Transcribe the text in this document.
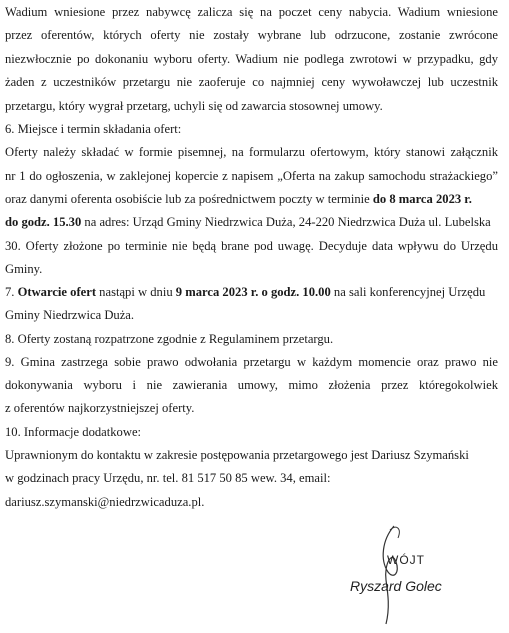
Wadium wniesione przez nabywcę zalicza się na poczet ceny nabycia. Wadium wniesione
przez oferentów, których oferty nie zostały wybrane lub odrzucone, zostanie zwrócone
niezwłocznie po dokonaniu wyboru oferty. Wadium nie podlega zwrotowi w przypadku, gdy
żaden z uczestników przetargu nie zaoferuje co najmniej ceny wywoławczej lub uczestnik
przetargu, który wygrał przetarg, uchyli się od zawarcia stosownej umowy.
6. Miejsce i termin składania ofert:
Oferty należy składać w formie pisemnej, na formularzu ofertowym, który stanowi załącznik
nr 1 do ogłoszenia, w zaklejonej kopercie z napisem „Oferta na zakup samochodu strażackiego”
oraz danymi oferenta osobiście lub za pośrednictwem poczty w terminie do 8 marca 2023 r.
do godz. 15.30 na adres: Urząd Gminy Niedrzwica Duża, 24-220 Niedrzwica Duża ul. Lubelska
30. Oferty złożone po terminie nie będą brane pod uwagę. Decyduje data wpływu do Urzędu
Gminy.
7. Otwarcie ofert nastąpi w dniu 9 marca 2023 r. o godz. 10.00 na sali konferencyjnej Urzędu
Gminy Niedrzwica Duża.
8. Oferty zostaną rozpatrzone zgodnie z Regulaminem przetargu.
9. Gmina zastrzega sobie prawo odwołania przetargu w każdym momencie oraz prawo nie
dokonywania wyboru i nie zawierania umowy, mimo złożenia przez któregokolwiek
z oferentów najkorzystniejszej oferty.
10. Informacje dodatkowe:
Uprawnionym do kontaktu w zakresie postępowania przetargowego jest Dariusz Szymański
w godzinach pracy Urzędu, nr. tel. 81 517 50 85 wew. 34, email:
dariusz.szymanski@niedrzwicaduza.pl.
WÓJT
Ryszard Golec
